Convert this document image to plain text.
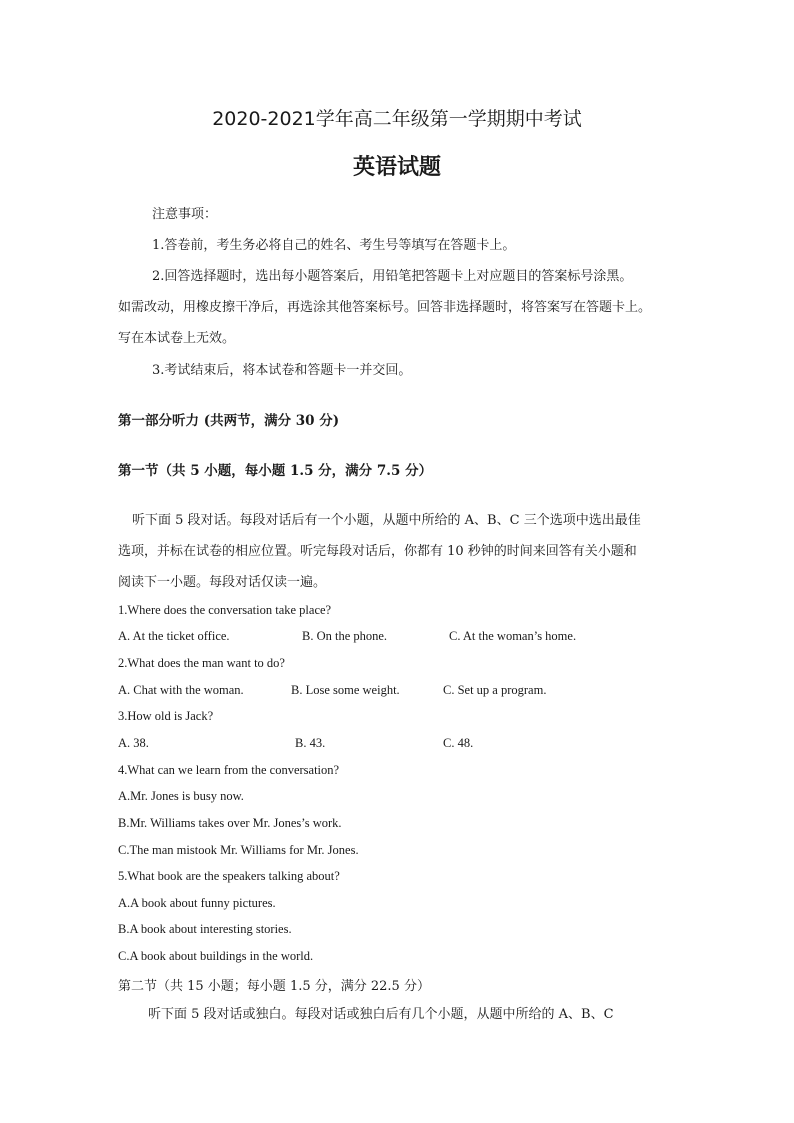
2020-2021学年高二年级第一学期期中考试
英语试题
注意事项：
1.答卷前，考生务必将自己的姓名、考生号等填写在答题卡上。
2.回答选择题时，选出每小题答案后，用铅笔把答题卡上对应题目的答案标号涂黑。
如需改动，用橡皮擦干净后，再选涂其他答案标号。回答非选择题时，将答案写在答题卡上。
写在本试卷上无效。
3.考试结束后，将本试卷和答题卡一并交回。
第一部分听力 (共两节，满分 30 分)
第一节（共 5 小题，每小题 1.5 分，满分 7.5 分）
听下面 5 段对话。每段对话后有一个小题，从题中所给的 A、B、C 三个选项中选出最佳
选项，并标在试卷的相应位置。听完每段对话后，你都有 10 秒钟的时间来回答有关小题和
阅读下一小题。每段对话仅读一遍。
1.Where does the conversation take place?
A. At the ticket office.	B. On the phone.	C. At the woman’s home.
2.What does the man want to do?
A. Chat with the woman.	B. Lose some weight.	C. Set up a program.
3.How old is Jack?
A. 38.	B. 43.	C. 48.
4.What can we learn from the conversation?
A.Mr. Jones is busy now.
B.Mr. Williams takes over Mr. Jones’s work.
C.The man mistook Mr. Williams for Mr. Jones.
5.What book are the speakers talking about?
A.A book about funny pictures.
B.A book about interesting stories.
C.A book about buildings in the world.
第二节（共 15 小题；每小题 1.5 分，满分 22.5 分）
听下面 5 段对话或独白。每段对话或独白后有几个小题，从题中所给的 A、B、C
